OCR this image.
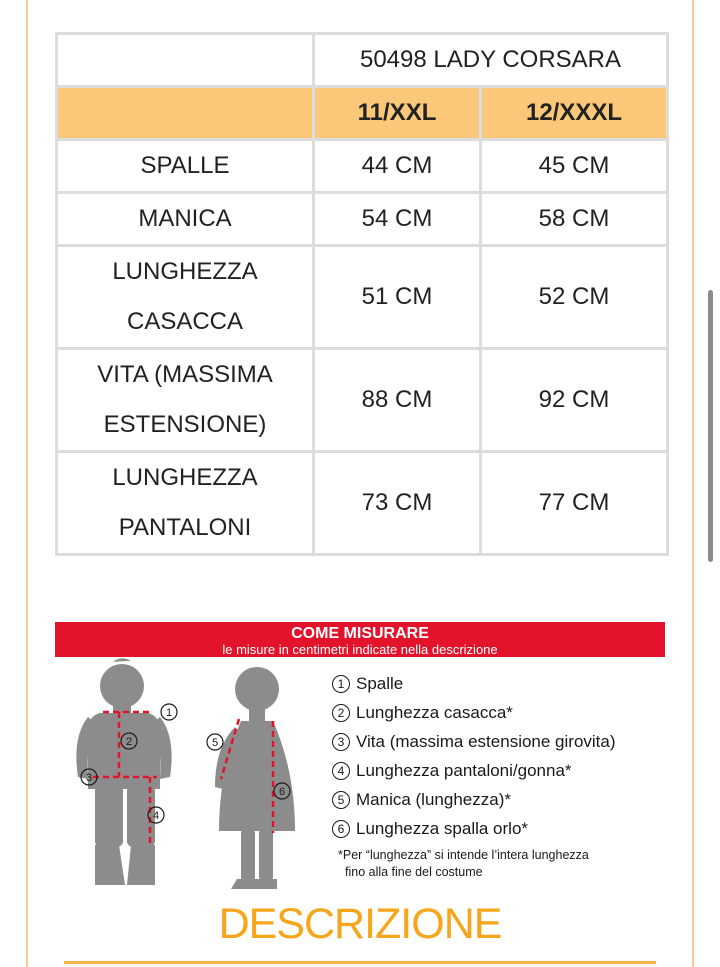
	50498 LADY CORSARA	
	11/XXL	12/XXXL
SPALLE	44 CM	45 CM
MANICA	54 CM	58 CM
LUNGHEZZA
CASACCA	51 CM	52 CM
VITA (MASSIMA
ESTENSIONE)	88 CM	92 CM
LUNGHEZZA
PANTALONI	73 CM	77 CM
COME MISURARE
le misure in centimetri indicate nella descrizione
1
2
3
4
5
6
1 Spalle
2 Lunghezza casacca*
3 Vita (massima estensione girovita)
4 Lunghezza pantaloni/gonna*
5 Manica (lunghezza)*
6 Lunghezza spalla orlo*
*Per “lunghezza” si intende l’intera lunghezza
fino alla fine del costume
DESCRIZIONE
